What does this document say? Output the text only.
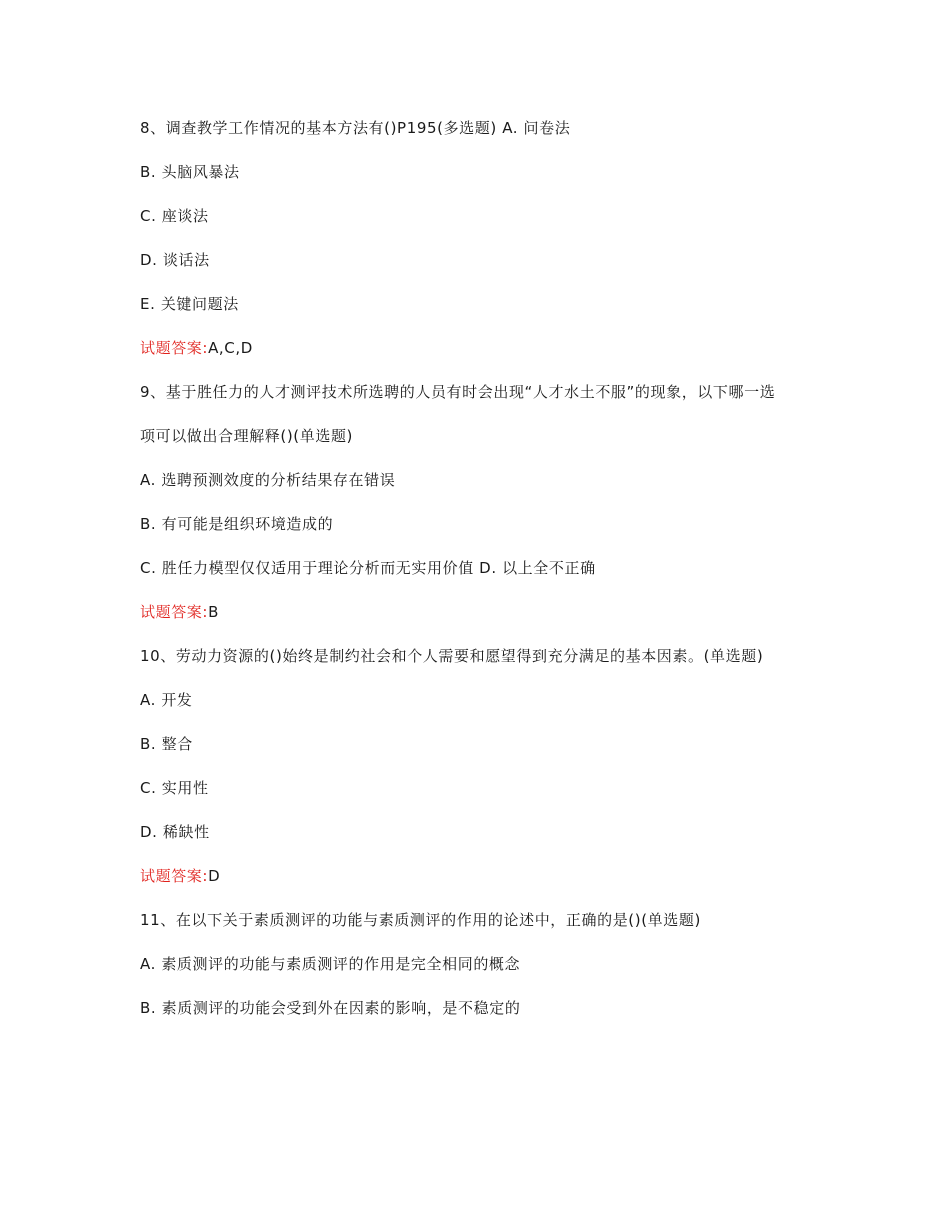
8、调查教学工作情况的基本方法有()P195(多选题) A. 问卷法
B. 头脑风暴法
C. 座谈法
D. 谈话法
E. 关键问题法
试题答案:A,C,D
9、基于胜任力的人才测评技术所选聘的人员有时会出现“人才水土不服”的现象，以下哪一选
项可以做出合理解释()(单选题)
A. 选聘预测效度的分析结果存在错误
B. 有可能是组织环境造成的
C. 胜任力模型仅仅适用于理论分析而无实用价值 D. 以上全不正确
试题答案:B
10、劳动力资源的()始终是制约社会和个人需要和愿望得到充分满足的基本因素。(单选题)
A. 开发
B. 整合
C. 实用性
D. 稀缺性
试题答案:D
11、在以下关于素质测评的功能与素质测评的作用的论述中，正确的是()(单选题)
A. 素质测评的功能与素质测评的作用是完全相同的概念
B. 素质测评的功能会受到外在因素的影响，是不稳定的
